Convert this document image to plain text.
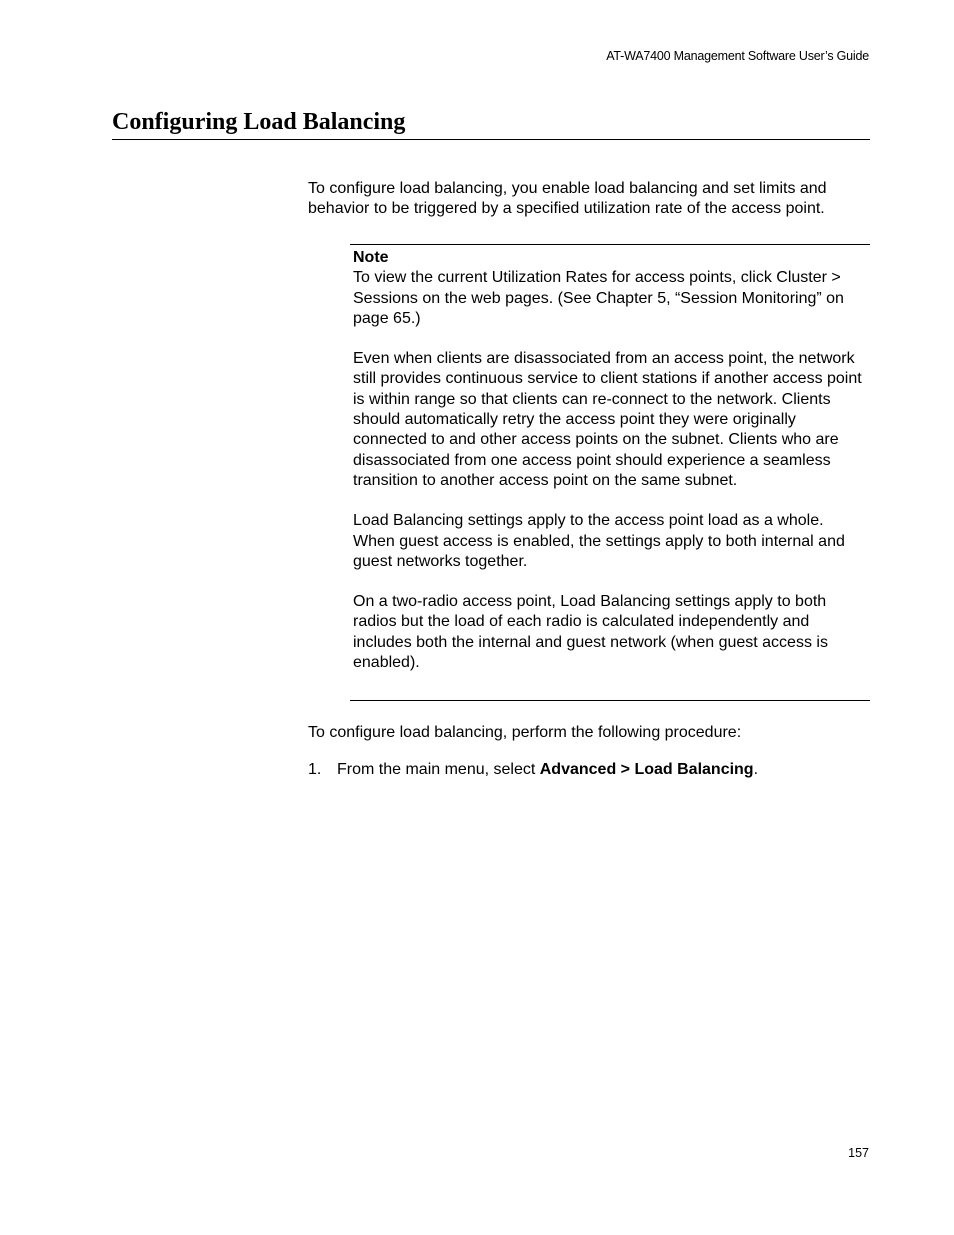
AT-WA7400 Management Software User’s Guide
Configuring Load Balancing

To configure load balancing, you enable load balancing and set limits and behavior to be triggered by a specified utilization rate of the access point.

Note

To view the current Utilization Rates for access points, click Cluster > Sessions on the web pages. (See Chapter 5, “Session Monitoring” on page 65.)

Even when clients are disassociated from an access point, the network still provides continuous service to client stations if another access point is within range so that clients can re-connect to the network. Clients should automatically retry the access point they were originally connected to and other access points on the subnet. Clients who are disassociated from one access point should experience a seamless transition to another access point on the same subnet.

Load Balancing settings apply to the access point load as a whole. When guest access is enabled, the settings apply to both internal and guest networks together.

On a two-radio access point, Load Balancing settings apply to both radios but the load of each radio is calculated independently and includes both the internal and guest network (when guest access is enabled).

To configure load balancing, perform the following procedure:

1. From the main menu, select Advanced > Load Balancing.
157
